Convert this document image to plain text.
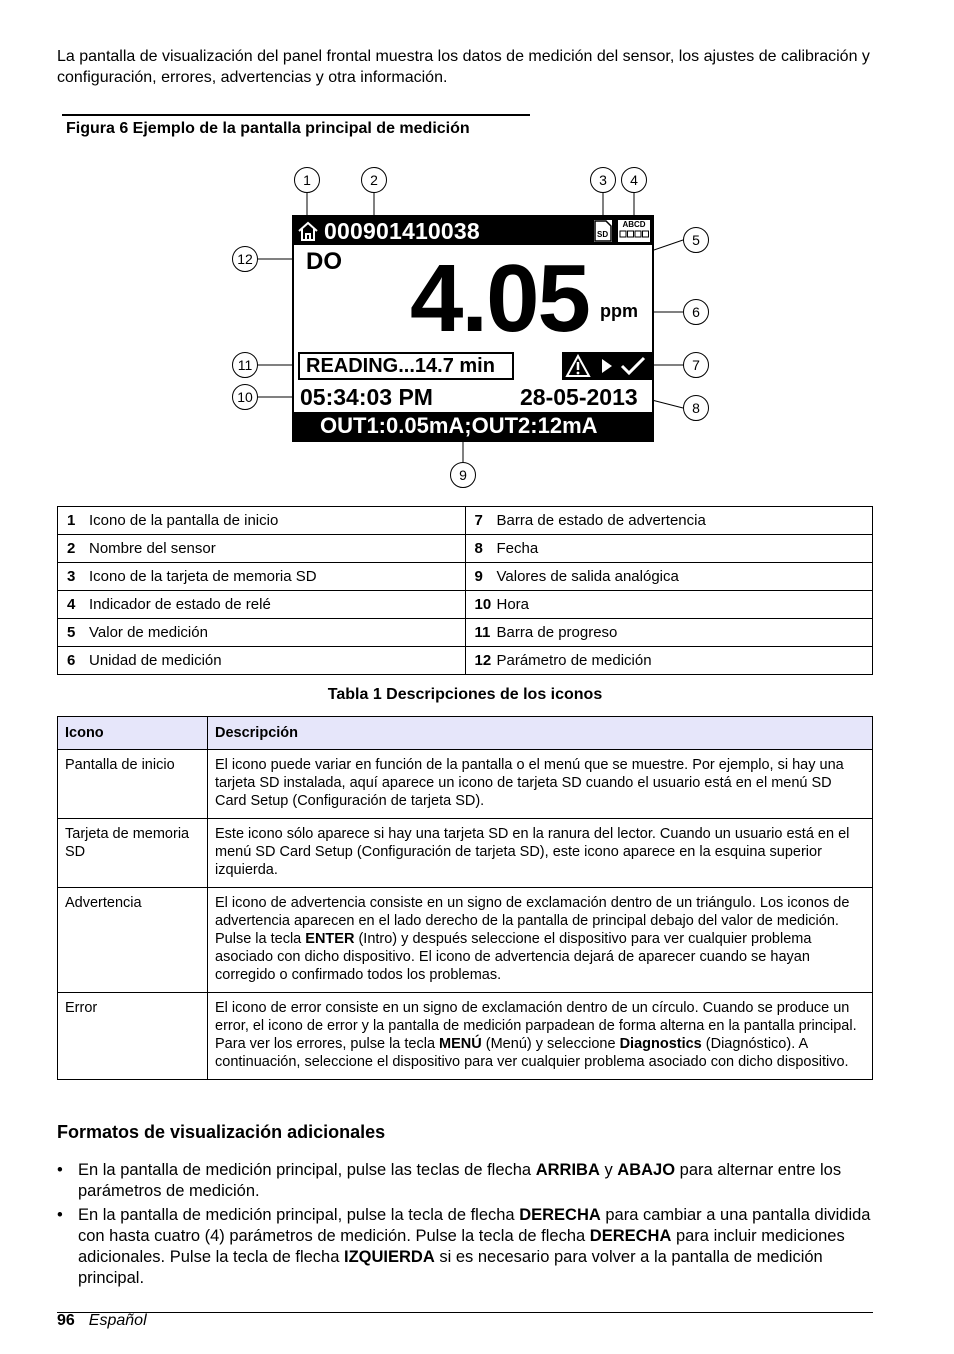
La pantalla de visualización del panel frontal muestra los datos de medición del sensor, los ajustes de calibración y configuración, errores, advertencias y otra información.

Figura 6 Ejemplo de la pantalla principal de medición
000901410038	SD
ABCD
DO 4.05 ppm
READING...14.7 min
05:34:03 PM	28-05-2013
OUT1:0.05mA;OUT2:12mA
1	2	3	4
5
6
7
8
9
10
11
12
1 Icono de la pantalla de inicio	7 Barra de estado de advertencia
2 Nombre del sensor	8 Fecha
3 Icono de la tarjeta de memoria SD	9 Valores de salida analógica
4 Indicador de estado de relé	10 Hora
5 Valor de medición	11 Barra de progreso
6 Unidad de medición	12 Parámetro de medición
Tabla 1 Descripciones de los iconos
Icono	Descripción
Pantalla de inicio	El icono puede variar en función de la pantalla o el menú que se muestre. Por ejemplo, si hay una tarjeta SD instalada, aquí aparece un icono de tarjeta SD cuando el usuario está en el menú SD Card Setup (Configuración de tarjeta SD).
Tarjeta de memoria SD	Este icono sólo aparece si hay una tarjeta SD en la ranura del lector. Cuando un usuario está en el menú SD Card Setup (Configuración de tarjeta SD), este icono aparece en la esquina superior izquierda.
Advertencia	El icono de advertencia consiste en un signo de exclamación dentro de un triángulo. Los iconos de advertencia aparecen en el lado derecho de la pantalla de principal debajo del valor de medición. Pulse la tecla ENTER (Intro) y después seleccione el dispositivo para ver cualquier problema asociado con dicho dispositivo. El icono de advertencia dejará de aparecer cuando se hayan corregido o confirmado todos los problemas.
Error	El icono de error consiste en un signo de exclamación dentro de un círculo. Cuando se produce un error, el icono de error y la pantalla de medición parpadean de forma alterna en la pantalla principal. Para ver los errores, pulse la tecla MENÚ (Menú) y seleccione Diagnostics (Diagnóstico). A continuación, seleccione el dispositivo para ver cualquier problema asociado con dicho dispositivo.
Formatos de visualización adicionales

• En la pantalla de medición principal, pulse las teclas de flecha ARRIBA y ABAJO para alternar entre los parámetros de medición.

• En la pantalla de medición principal, pulse la tecla de flecha DERECHA para cambiar a una pantalla dividida con hasta cuatro (4) parámetros de medición. Pulse la tecla de flecha DERECHA para incluir mediciones adicionales. Pulse la tecla de flecha IZQUIERDA si es necesario para volver a la pantalla de medición principal.

96 Español
